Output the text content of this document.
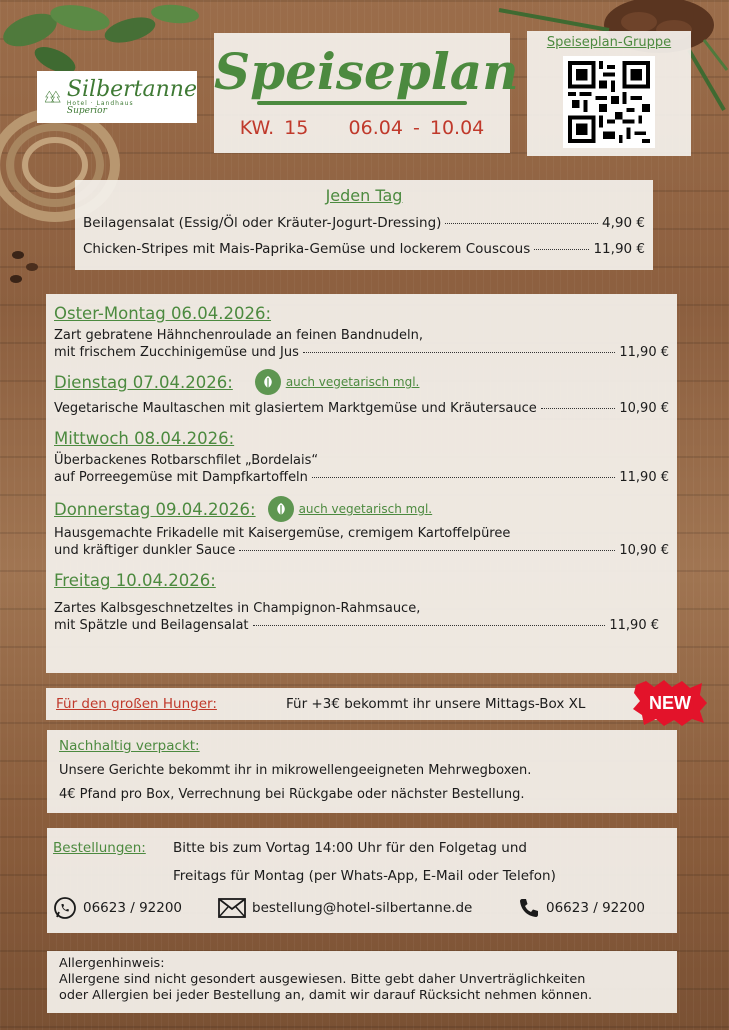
Silbertanne
Hotel · Landhaus
Superior
Speiseplan
KW. 15 06.04 - 10.04
Speiseplan-Gruppe
Jeden Tag
Beilagensalat (Essig/Öl oder Kräuter-Jogurt-Dressing)	4,90 €
Chicken-Stripes mit Mais-Paprika-Gemüse und lockerem Couscous	11,90 €
Oster-Montag 06.04.2026:
Zart gebratene Hähnchenroulade an feinen Bandnudeln,
mit frischem Zucchinigemüse und Jus	11,90 €
Dienstag 07.04.2026:	auch vegetarisch mgl.
Vegetarische Maultaschen mit glasiertem Marktgemüse und Kräutersauce	10,90 €
Mittwoch 08.04.2026:
Überbackenes Rotbarschfilet „Bordelais“
auf Porreegemüse mit Dampfkartoffeln	11,90 €
Donnerstag 09.04.2026:	auch vegetarisch mgl.
Hausgemachte Frikadelle mit Kaisergemüse, cremigem Kartoffelpüree
und kräftiger dunkler Sauce	10,90 €
Freitag 10.04.2026:
Zartes Kalbsgeschnetzeltes in Champignon-Rahmsauce,
mit Spätzle und Beilagensalat	11,90 €
Für den großen Hunger:	Für +3€ bekommt ihr unsere Mittags-Box XL	NEW
Nachhaltig verpackt:

Unsere Gerichte bekommt ihr in mikrowellengeeigneten Mehrwegboxen.

4€ Pfand pro Box, Verrechnung bei Rückgabe oder nächster Bestellung.

Bestellungen:	Bitte bis zum Vortag 14:00 Uhr für den Folgetag und
Freitags für Montag (per Whats-App, E-Mail oder Telefon)
06623 / 92200	bestellung@hotel-silbertanne.de	06623 / 92200
Allergenhinweis:
Allergene sind nicht gesondert ausgewiesen. Bitte gebt daher Unverträglichkeiten
oder Allergien bei jeder Bestellung an, damit wir darauf Rücksicht nehmen können.
